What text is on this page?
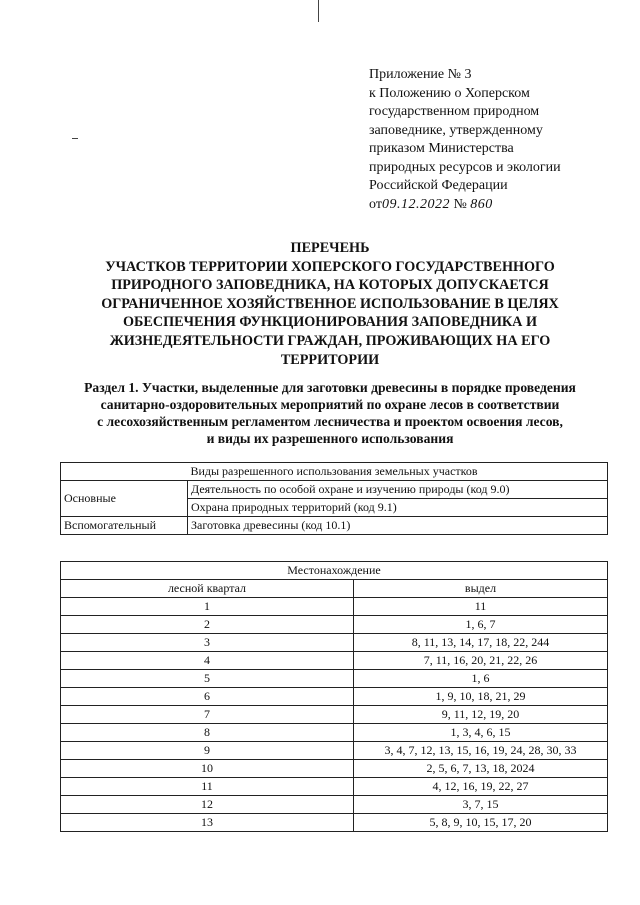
Приложение № 3
к Положению о Хоперском
государственном природном
заповеднике, утвержденному
приказом Министерства
природных ресурсов и экологии
Российской Федерации
от09.12.2022 № 860
ПЕРЕЧЕНЬ
УЧАСТКОВ ТЕРРИТОРИИ ХОПЕРСКОГО ГОСУДАРСТВЕННОГО
ПРИРОДНОГО ЗАПОВЕДНИКА, НА КОТОРЫХ ДОПУСКАЕТСЯ
ОГРАНИЧЕННОЕ ХОЗЯЙСТВЕННОЕ ИСПОЛЬЗОВАНИЕ В ЦЕЛЯХ
ОБЕСПЕЧЕНИЯ ФУНКЦИОНИРОВАНИЯ ЗАПОВЕДНИКА И
ЖИЗНЕДЕЯТЕЛЬНОСТИ ГРАЖДАН, ПРОЖИВАЮЩИХ НА ЕГО
ТЕРРИТОРИИ
Раздел 1. Участки, выделенные для заготовки древесины в порядке проведения
санитарно-оздоровительных мероприятий по охране лесов в соответствии
с лесохозяйственным регламентом лесничества и проектом освоения лесов,
и виды их разрешенного использования
Виды разрешенного использования земельных участков	
Основные	Деятельность по особой охране и изучению природы (код 9.0)
	Охрана природных территорий (код 9.1)
Вспомогательный	Заготовка древесины (код 10.1)
Местонахождение	
лесной квартал	выдел
1	11
2	1, 6, 7
3	8, 11, 13, 14, 17, 18, 22, 244
4	7, 11, 16, 20, 21, 22, 26
5	1, 6
6	1, 9, 10, 18, 21, 29
7	9, 11, 12, 19, 20
8	1, 3, 4, 6, 15
9	3, 4, 7, 12, 13, 15, 16, 19, 24, 28, 30, 33
10	2, 5, 6, 7, 13, 18, 2024
11	4, 12, 16, 19, 22, 27
12	3, 7, 15
13	5, 8, 9, 10, 15, 17, 20
